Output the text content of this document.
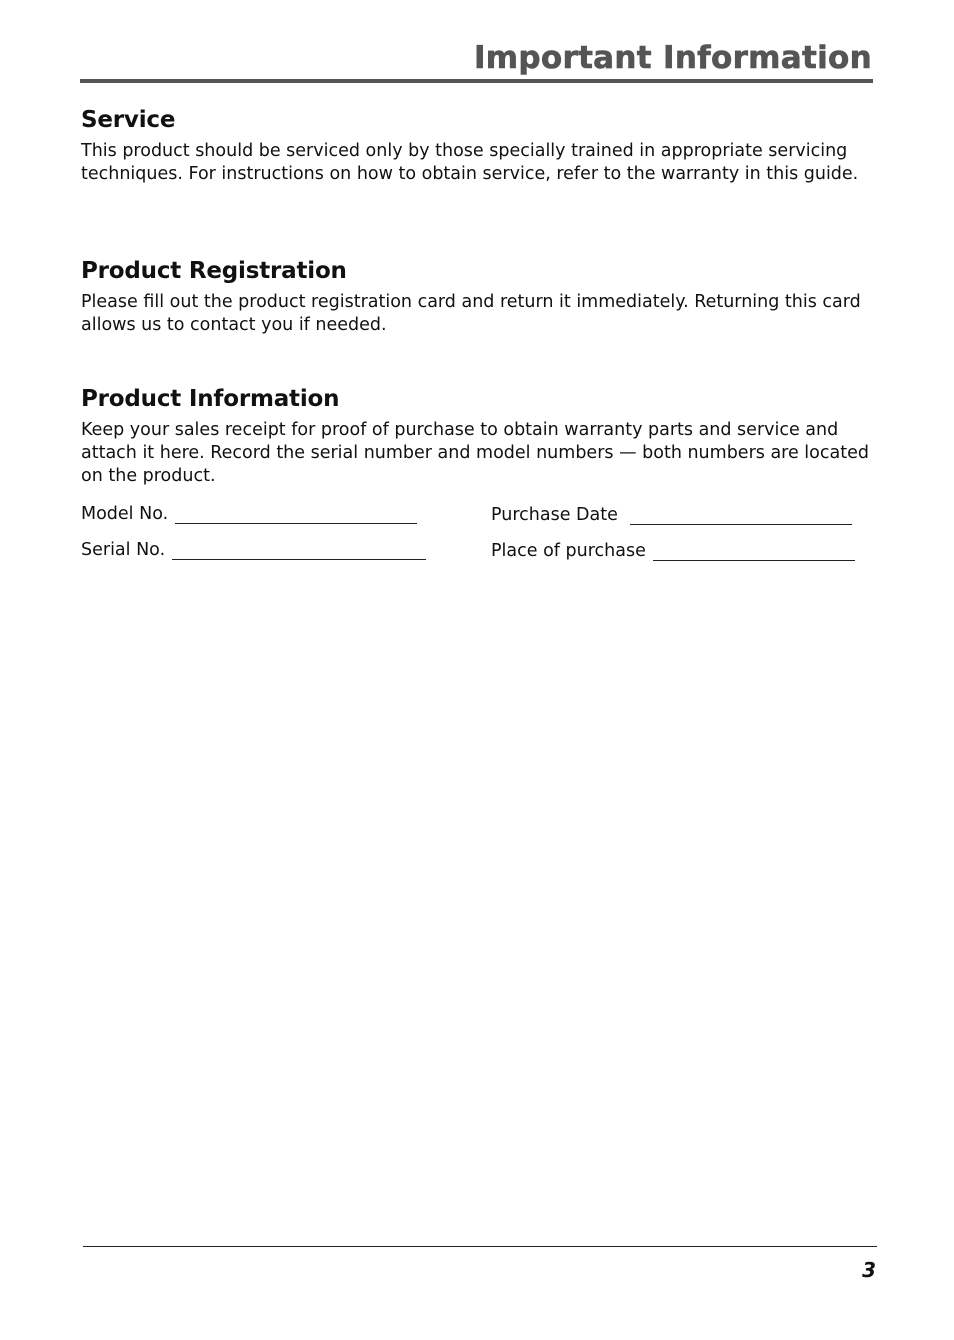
Important Information
Service

This product should be serviced only by those specially trained in appropriate servicing techniques. For instructions on how to obtain service, refer to the warranty in this guide.

Product Registration

Please fill out the product registration card and return it immediately. Returning this card allows us to contact you if needed.

Product Information

Keep your sales receipt for proof of purchase to obtain warranty parts and service and attach it here. Record the serial number and model numbers — both numbers are located on the product.

Model No.	Purchase Date
Serial No.	Place of purchase
3
